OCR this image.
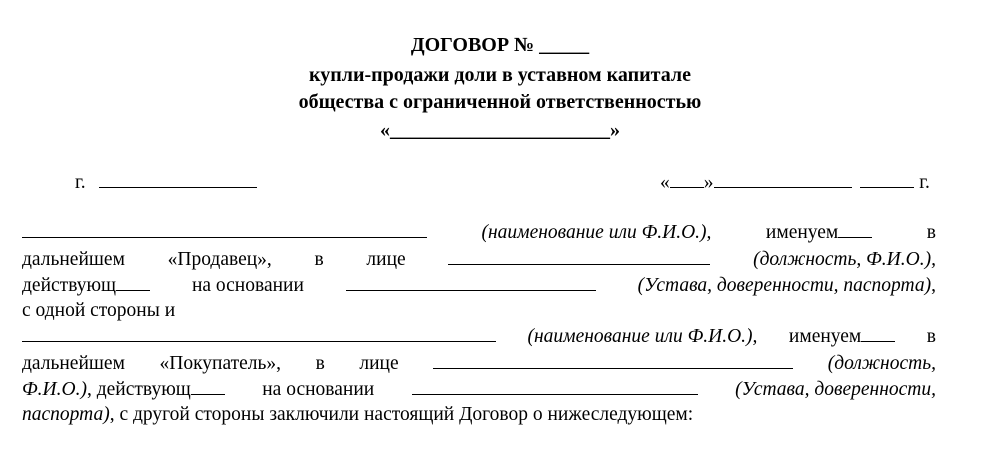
ДОГОВОР № _____
купли-продажи доли в уставном капитале
общества с ограниченной ответственностью
«______________________»
г.	« »	г.
(наименование или Ф.И.О.),	именуем	в
дальнейшем «Продавец», в лице	(должность, Ф.И.О.),
действующ	на основании	(Устава, доверенности, паспорта),
с одной стороны и
(наименование или Ф.И.О.), именуем	в
дальнейшем «Покупатель», в лице	(должность,
Ф.И.О.), действующ	на основании	(Устава, доверенности,
паспорта), с другой стороны заключили настоящий Договор о нижеследующем:
